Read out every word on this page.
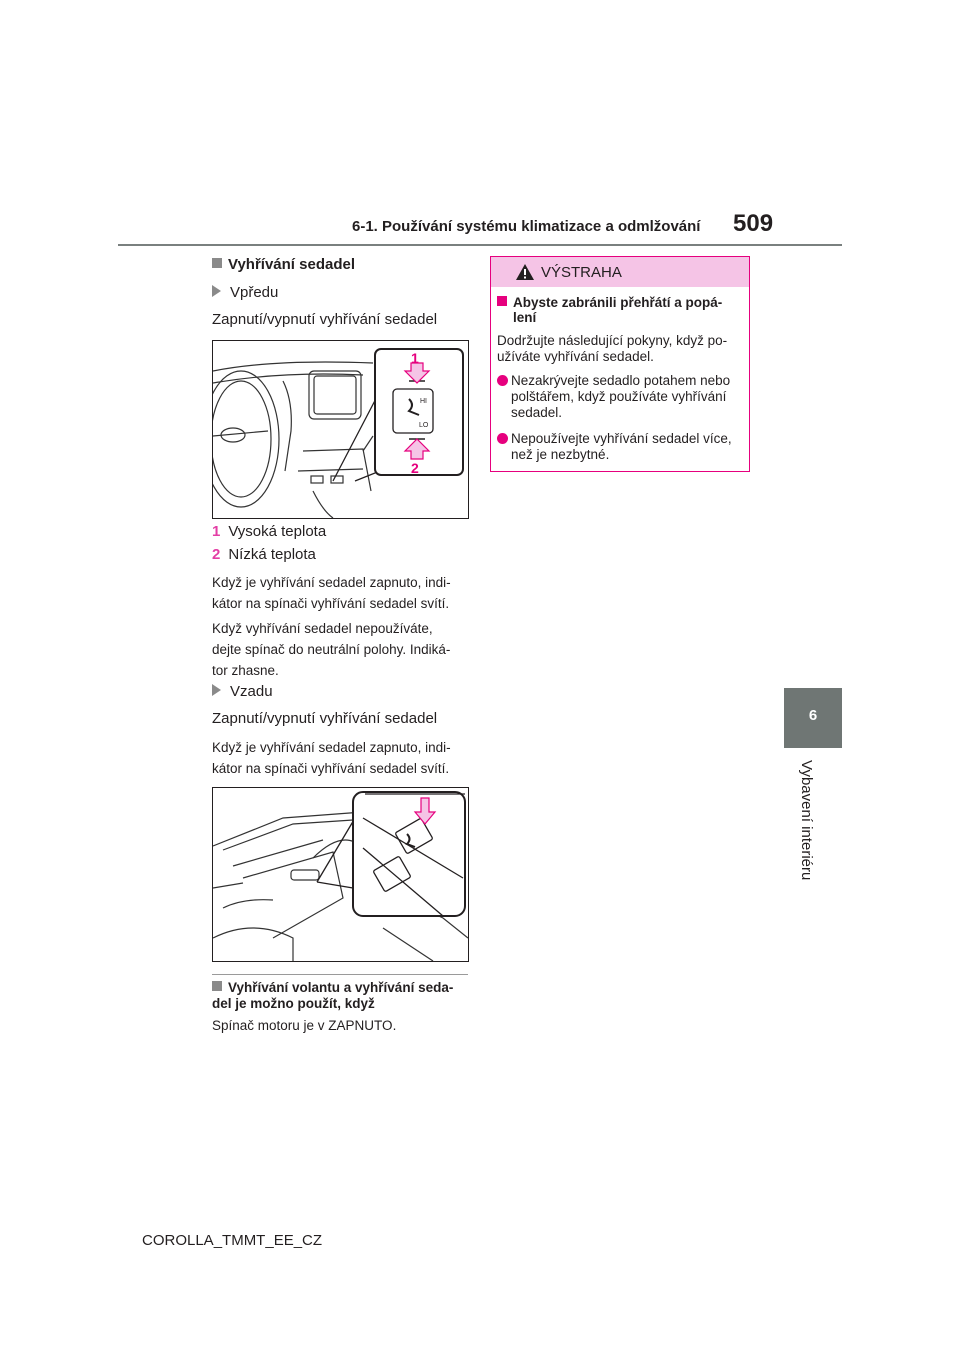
6-1. Používání systému klimatizace a odmlžování 509
6
Vybavení interiéru
Vyhřívání sedadel
Vpředu
Zapnutí/vypnutí vyhřívání sedadel
HI
LO
1
2
1 Vysoká teplota
2 Nízká teplota
Když je vyhřívání sedadel zapnuto, indi-
kátor na spínači vyhřívání sedadel svítí.
Když vyhřívání sedadel nepoužíváte,
dejte spínač do neutrální polohy. Indiká-
tor zhasne.
Vzadu
Zapnutí/vypnutí vyhřívání sedadel
Když je vyhřívání sedadel zapnuto, indi-
kátor na spínači vyhřívání sedadel svítí.
Vyhřívání volantu a vyhřívání seda-
del je možno použít, když
Spínač motoru je v ZAPNUTO.
VÝSTRAHA
Abyste zabránili přehřátí a popá-
lení
Dodržujte následující pokyny, když po-
užíváte vyhřívání sedadel.
Nezakrývejte sedadlo potahem nebo
polštářem, když používáte vyhřívání
sedadel.
Nepoužívejte vyhřívání sedadel více,
než je nezbytné.
COROLLA_TMMT_EE_CZ
